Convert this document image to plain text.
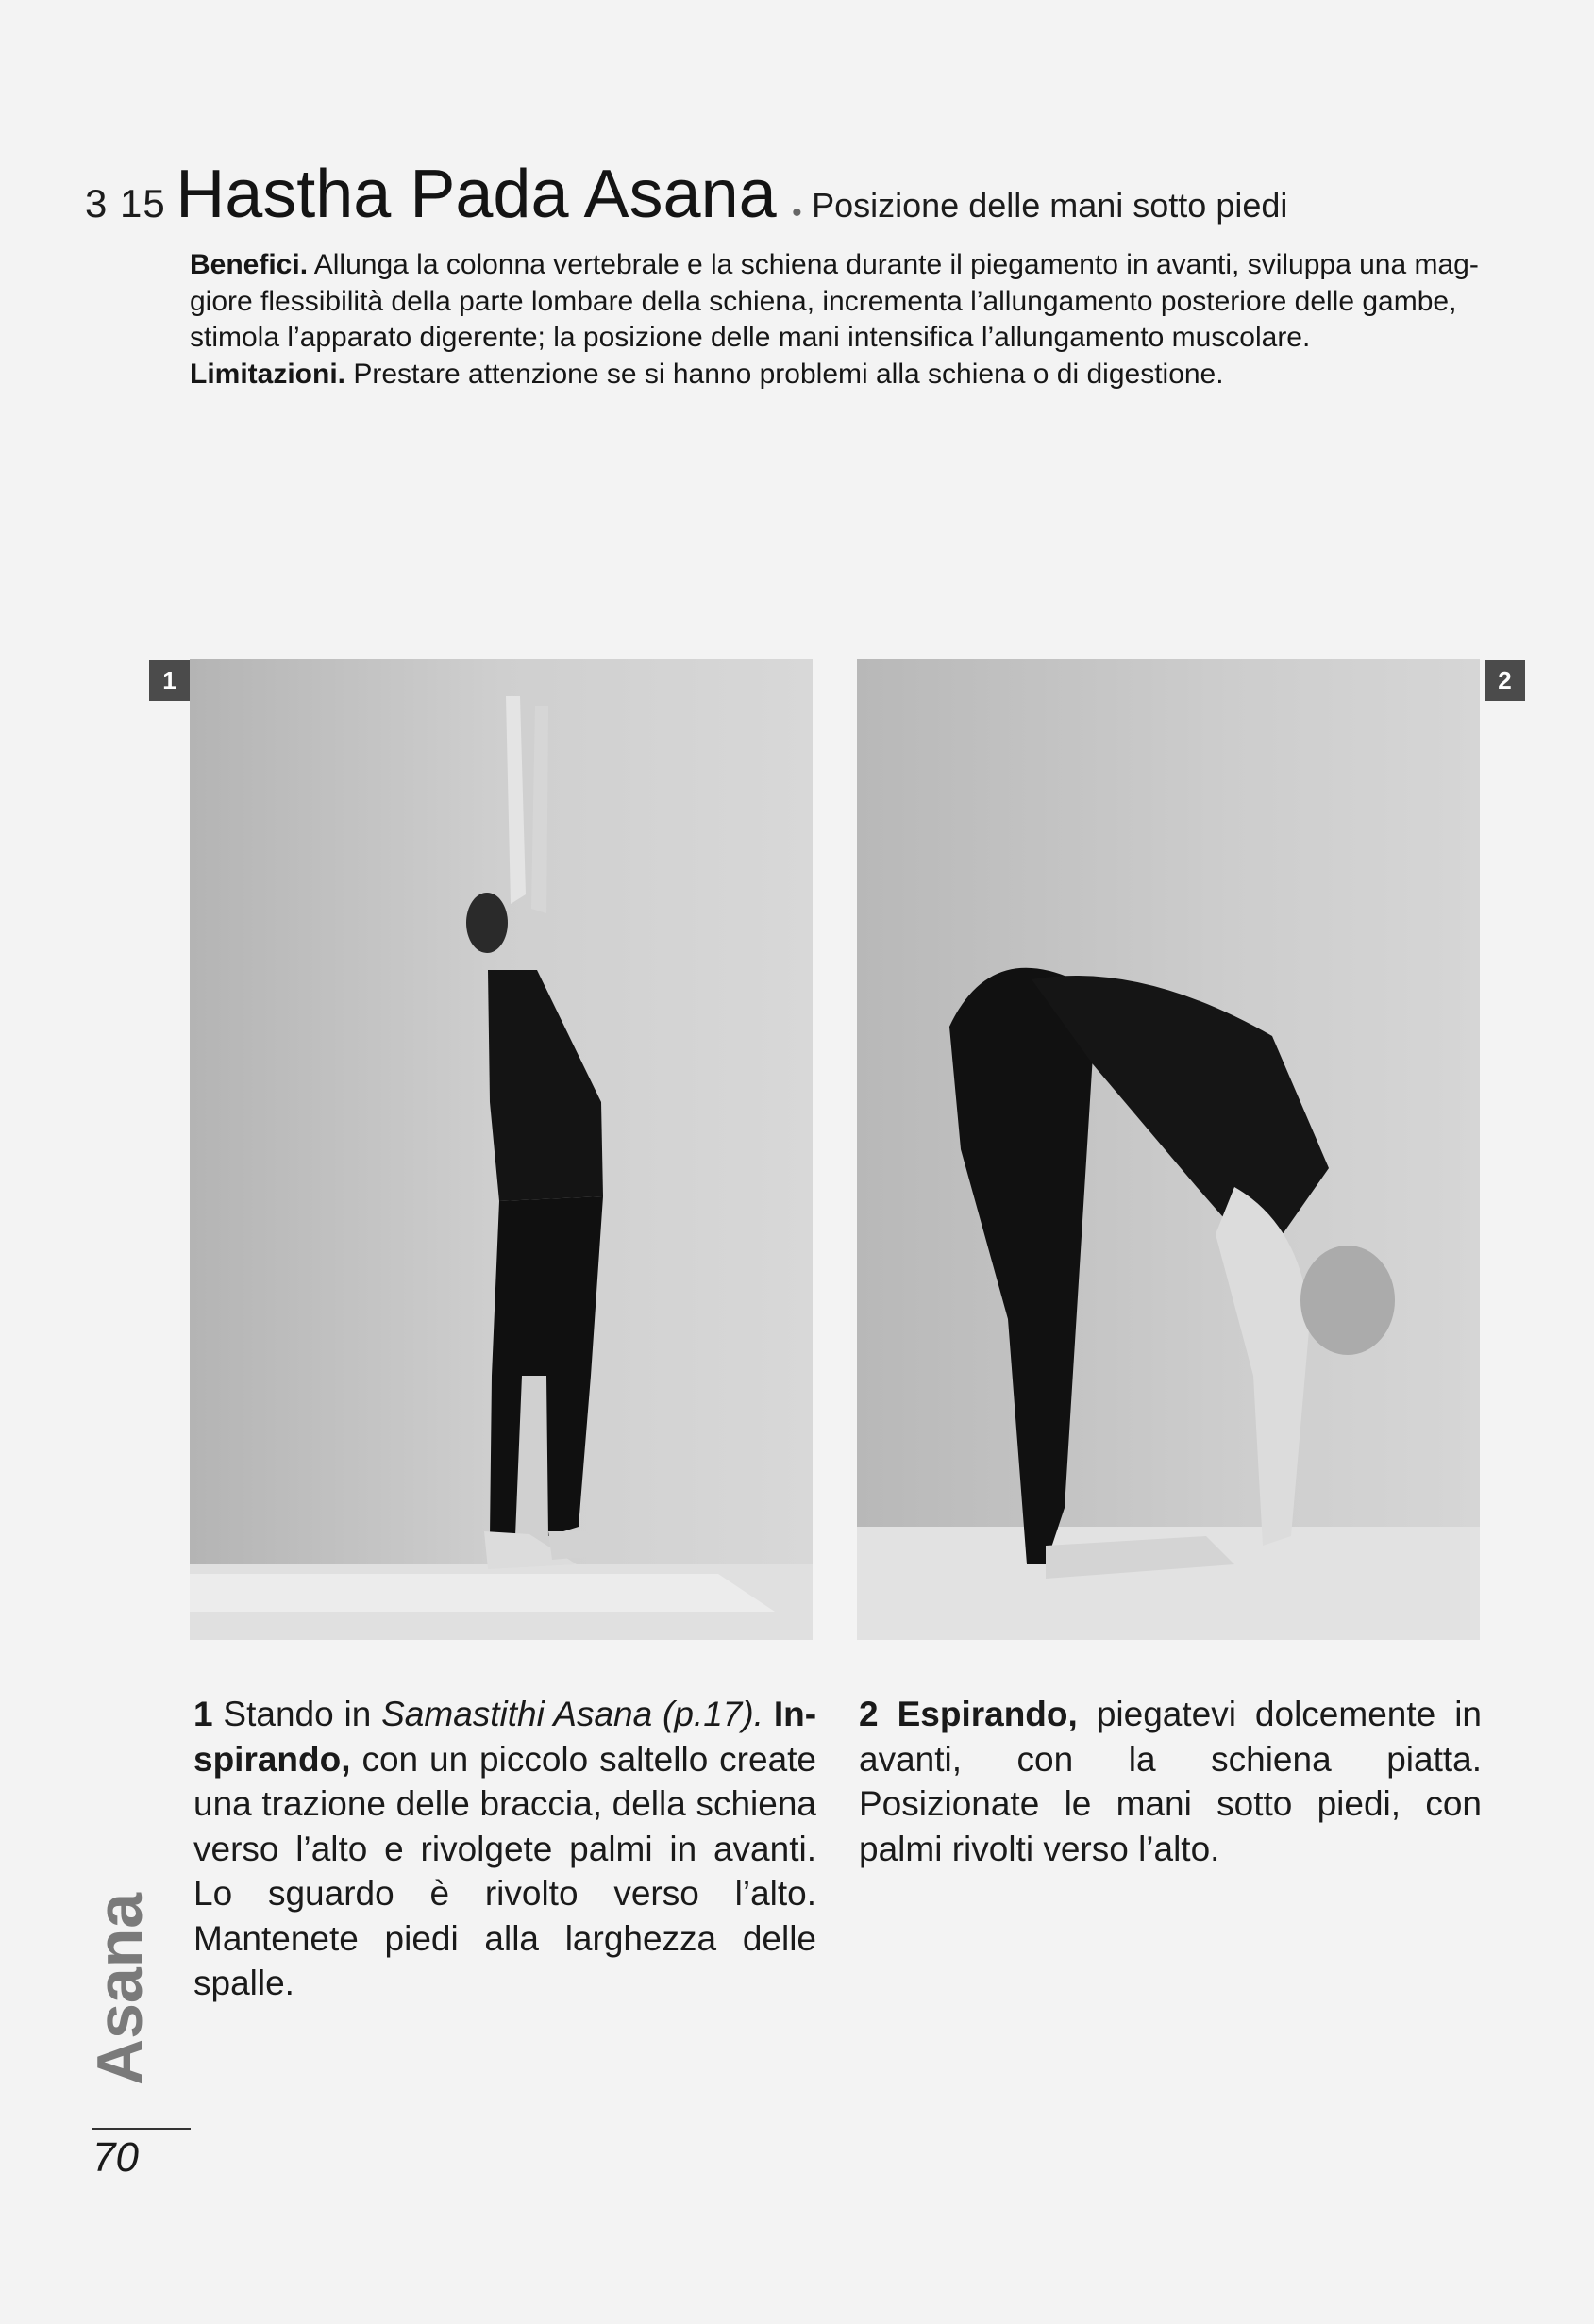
3 15 Hastha Pada Asana • Posizione delle mani sotto piedi

Benefici. Allunga la colonna vertebrale e la schiena durante il piegamento in avanti, sviluppa una mag-giore flessibilità della parte lombare della schiena, incrementa l’allungamento posteriore delle gambe, stimola l’apparato digerente; la posizione delle mani intensifica l’allungamento muscolare.

Limitazioni. Prestare attenzione se si hanno problemi alla schiena o di digestione.

1	2
1 Stando in Samastithi Asana (p.17). In-spirando, con un piccolo saltello create una trazione delle braccia, della schiena verso l’alto e rivolgete palmi in avanti. Lo sguardo è rivolto verso l’alto. Mantenete piedi alla larghezza delle spalle.
2 Espirando, piegatevi dolcemente in avanti, con la schiena piatta. Posizionate le mani sotto piedi, con palmi rivolti verso l’alto.
Asana
70
